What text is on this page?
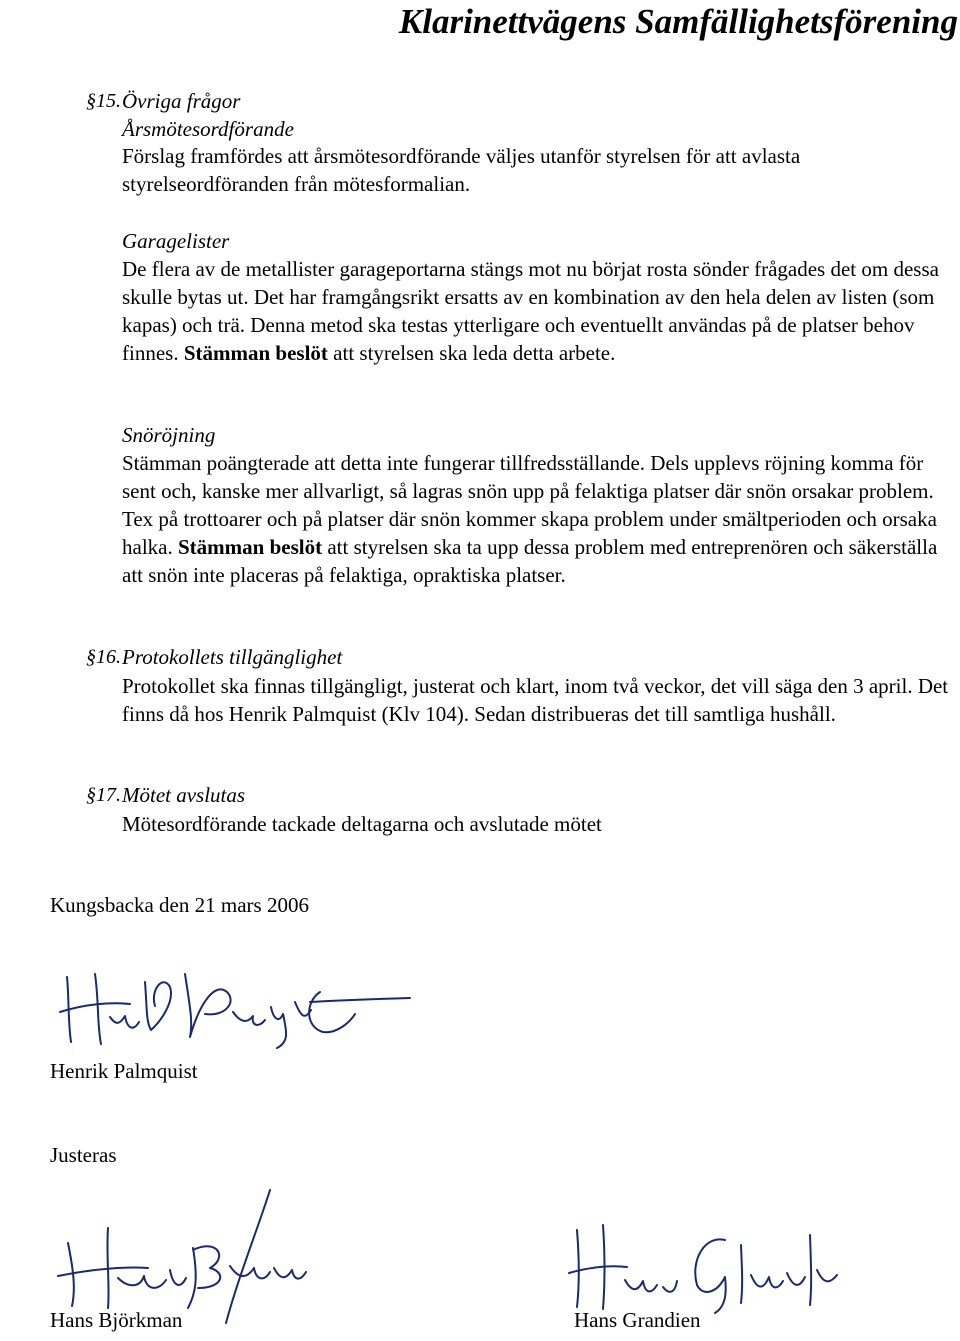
Klarinettvägens Samfällighetsförening
§15. Övriga frågor
Årsmötesordförande
Förslag framfördes att årsmötesordförande väljes utanför styrelsen för att avlasta styrelseordföranden från mötesformalian.
Garagelister
De flera av de metallister garageportarna stängs mot nu börjat rosta sönder frågades det om dessa skulle bytas ut. Det har framgångsrikt ersatts av en kombination av den hela delen av listen (som kapas) och trä. Denna metod ska testas ytterligare och eventuellt användas på de platser behov finnes. Stämman beslöt att styrelsen ska leda detta arbete.
Snöröjning
Stämman poängterade att detta inte fungerar tillfredsställande. Dels upplevs röjning komma för sent och, kanske mer allvarligt, så lagras snön upp på felaktiga platser där snön orsakar problem. Tex på trottoarer och på platser där snön kommer skapa problem under smältperioden och orsaka halka. Stämman beslöt att styrelsen ska ta upp dessa problem med entreprenören och säkerställa att snön inte placeras på felaktiga, opraktiska platser.
§16. Protokollets tillgänglighet
Protokollet ska finnas tillgängligt, justerat och klart, inom två veckor, det vill säga den 3 april. Det finns då hos Henrik Palmquist (Klv 104). Sedan distribueras det till samtliga hushåll.
§17. Mötet avslutas
Mötesordförande tackade deltagarna och avslutade mötet
Kungsbacka den 21 mars 2006
Henrik Palmquist
Justeras
Hans Björkman	Hans Grandien
